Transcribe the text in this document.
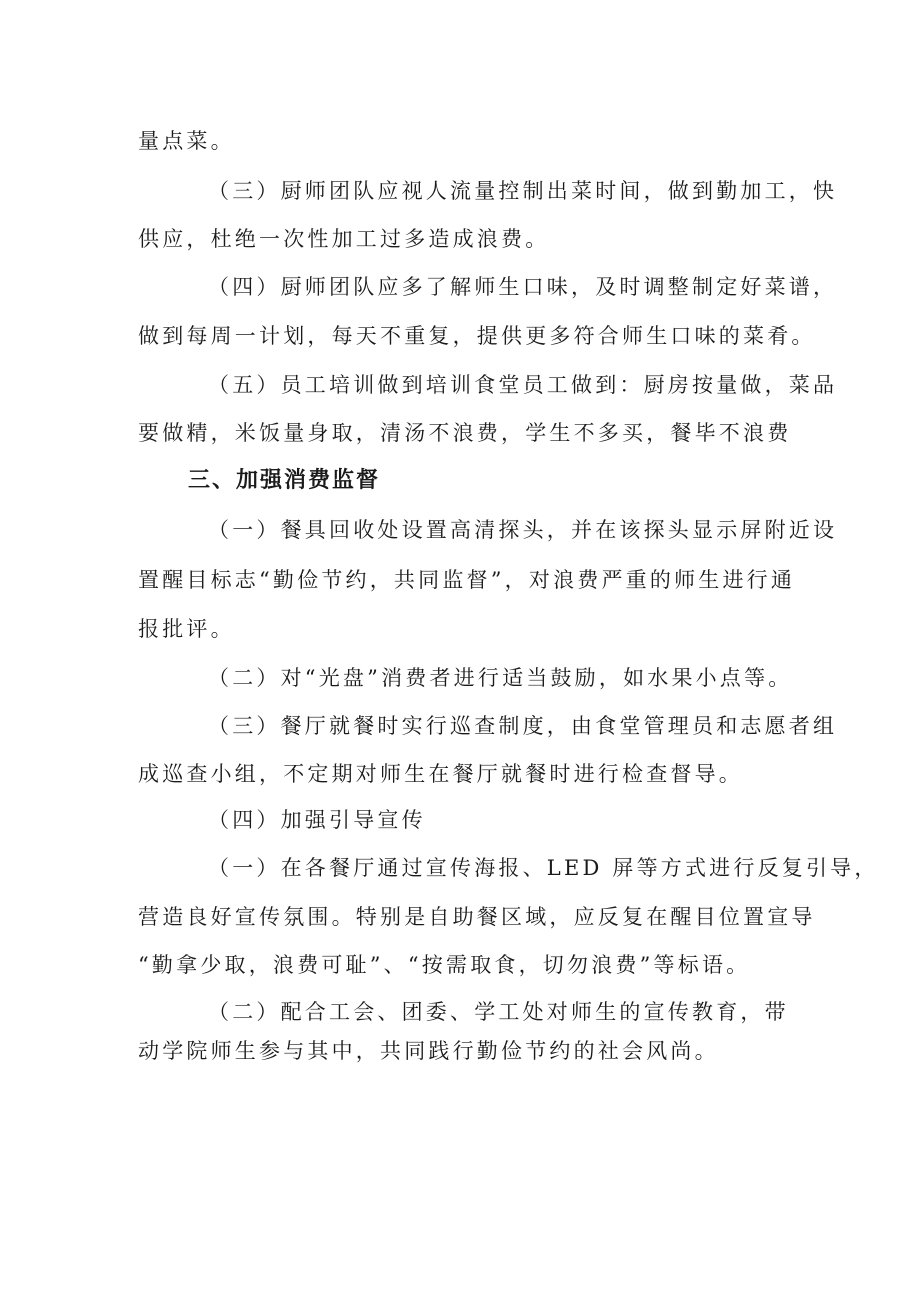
量点菜。
（三）厨师团队应视人流量控制出菜时间，做到勤加工，快
供应，杜绝一次性加工过多造成浪费。
（四）厨师团队应多了解师生口味，及时调整制定好菜谱，
做到每周一计划，每天不重复，提供更多符合师生口味的菜肴。
（五）员工培训做到培训食堂员工做到：厨房按量做，菜品
要做精，米饭量身取，清汤不浪费，学生不多买，餐毕不浪费
三、加强消费监督
（一）餐具回收处设置高清探头，并在该探头显示屏附近设
置醒目标志“勤俭节约，共同监督”，对浪费严重的师生进行通
报批评。
（二）对“光盘”消费者进行适当鼓励，如水果小点等。
（三）餐厅就餐时实行巡查制度，由食堂管理员和志愿者组
成巡查小组，不定期对师生在餐厅就餐时进行检查督导。
（四）加强引导宣传
（一）在各餐厅通过宣传海报、LED 屏等方式进行反复引导，
营造良好宣传氛围。特别是自助餐区域，应反复在醒目位置宣导
“勤拿少取，浪费可耻”、“按需取食，切勿浪费”等标语。
（二）配合工会、团委、学工处对师生的宣传教育，带
动学院师生参与其中，共同践行勤俭节约的社会风尚。
